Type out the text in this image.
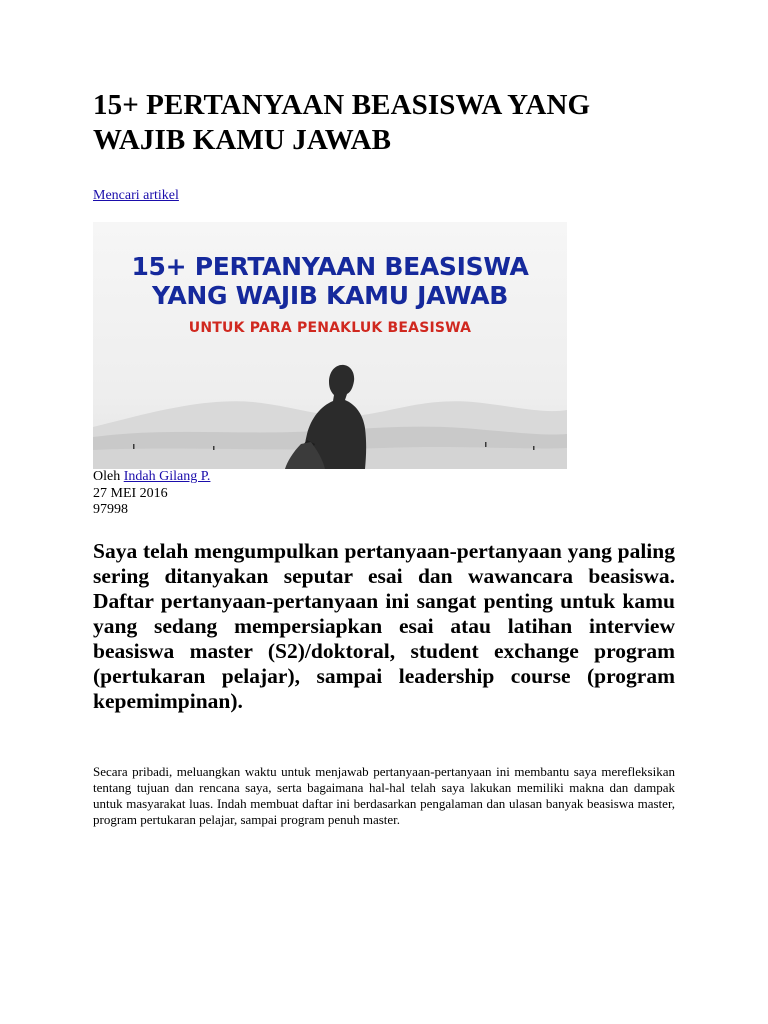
15+ PERTANYAAN BEASISWA YANG
WAJIB KAMU JAWAB
Mencari artikel
15+ PERTANYAAN BEASISWA
YANG WAJIB KAMU JAWAB
UNTUK PARA PENAKLUK BEASISWA
Oleh Indah Gilang P.
27 MEI 2016
97998

Saya telah mengumpulkan pertanyaan-pertanyaan yang paling sering ditanyakan seputar esai dan wawancara beasiswa. Daftar pertanyaan-pertanyaan ini sangat penting untuk kamu yang sedang mempersiapkan esai atau latihan interview beasiswa master (S2)/doktoral, student exchange program (pertukaran pelajar), sampai leadership course (program kepemimpinan).

Secara pribadi, meluangkan waktu untuk menjawab pertanyaan-pertanyaan ini membantu saya merefleksikan tentang tujuan dan rencana saya, serta bagaimana hal-hal telah saya lakukan memiliki makna dan dampak untuk masyarakat luas. Indah membuat daftar ini berdasarkan pengalaman dan ulasan banyak beasiswa master, program pertukaran pelajar, sampai program penuh master.
